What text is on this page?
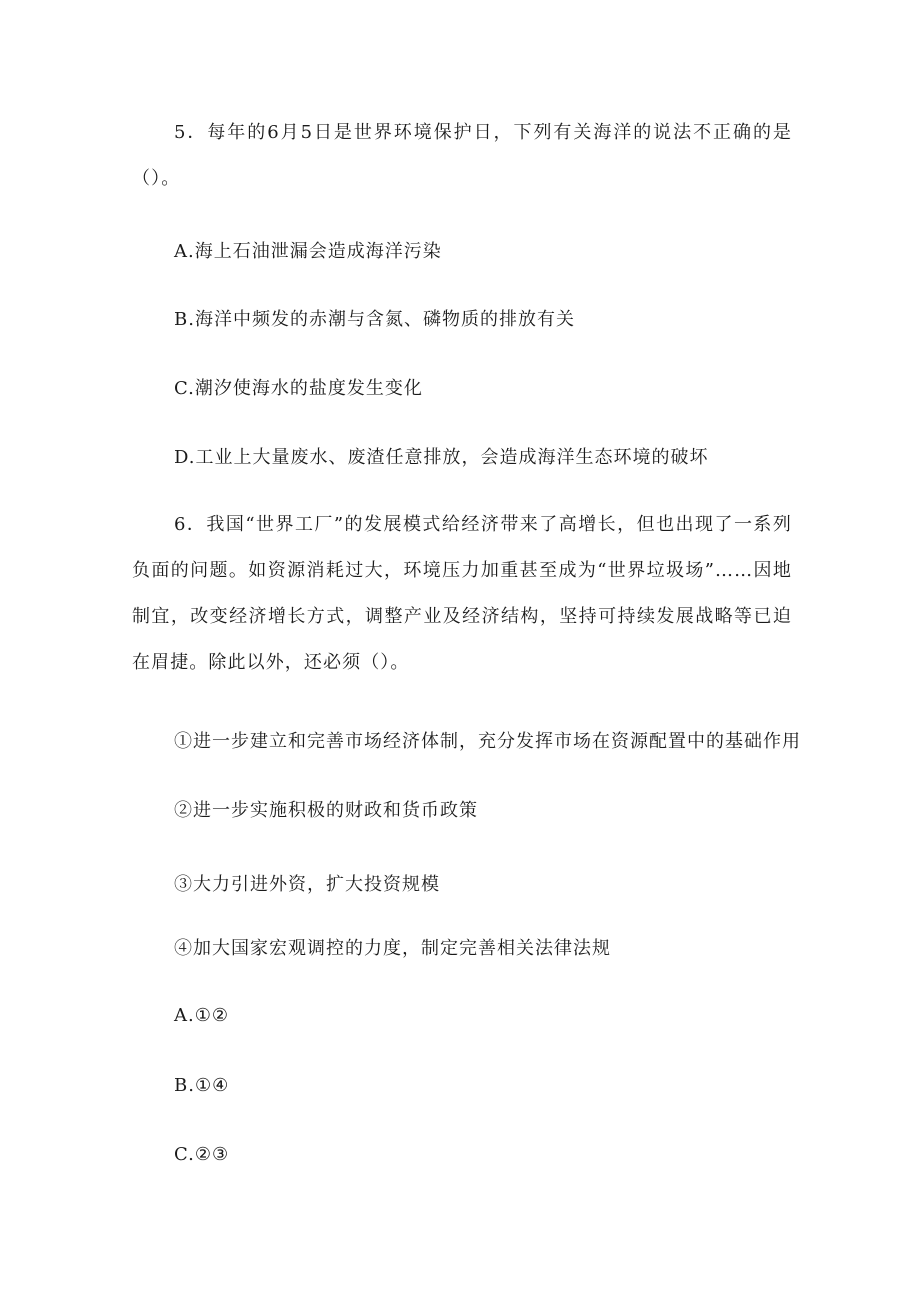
5．每年的6月5日是世界环境保护日，下列有关海洋的说法不正确的是（）。
A.海上石油泄漏会造成海洋污染
B.海洋中频发的赤潮与含氮、磷物质的排放有关
C.潮汐使海水的盐度发生变化
D.工业上大量废水、废渣任意排放，会造成海洋生态环境的破坏
6．我国“世界工厂”的发展模式给经济带来了高增长，但也出现了一系列负面的问题。如资源消耗过大，环境压力加重甚至成为“世界垃圾场”……因地制宜，改变经济增长方式，调整产业及经济结构，坚持可持续发展战略等已迫在眉捷。除此以外，还必须（）。
①进一步建立和完善市场经济体制，充分发挥市场在资源配置中的基础作用
②进一步实施积极的财政和货币政策
③大力引进外资，扩大投资规模
④加大国家宏观调控的力度，制定完善相关法律法规
A.①②
B.①④
C.②③
